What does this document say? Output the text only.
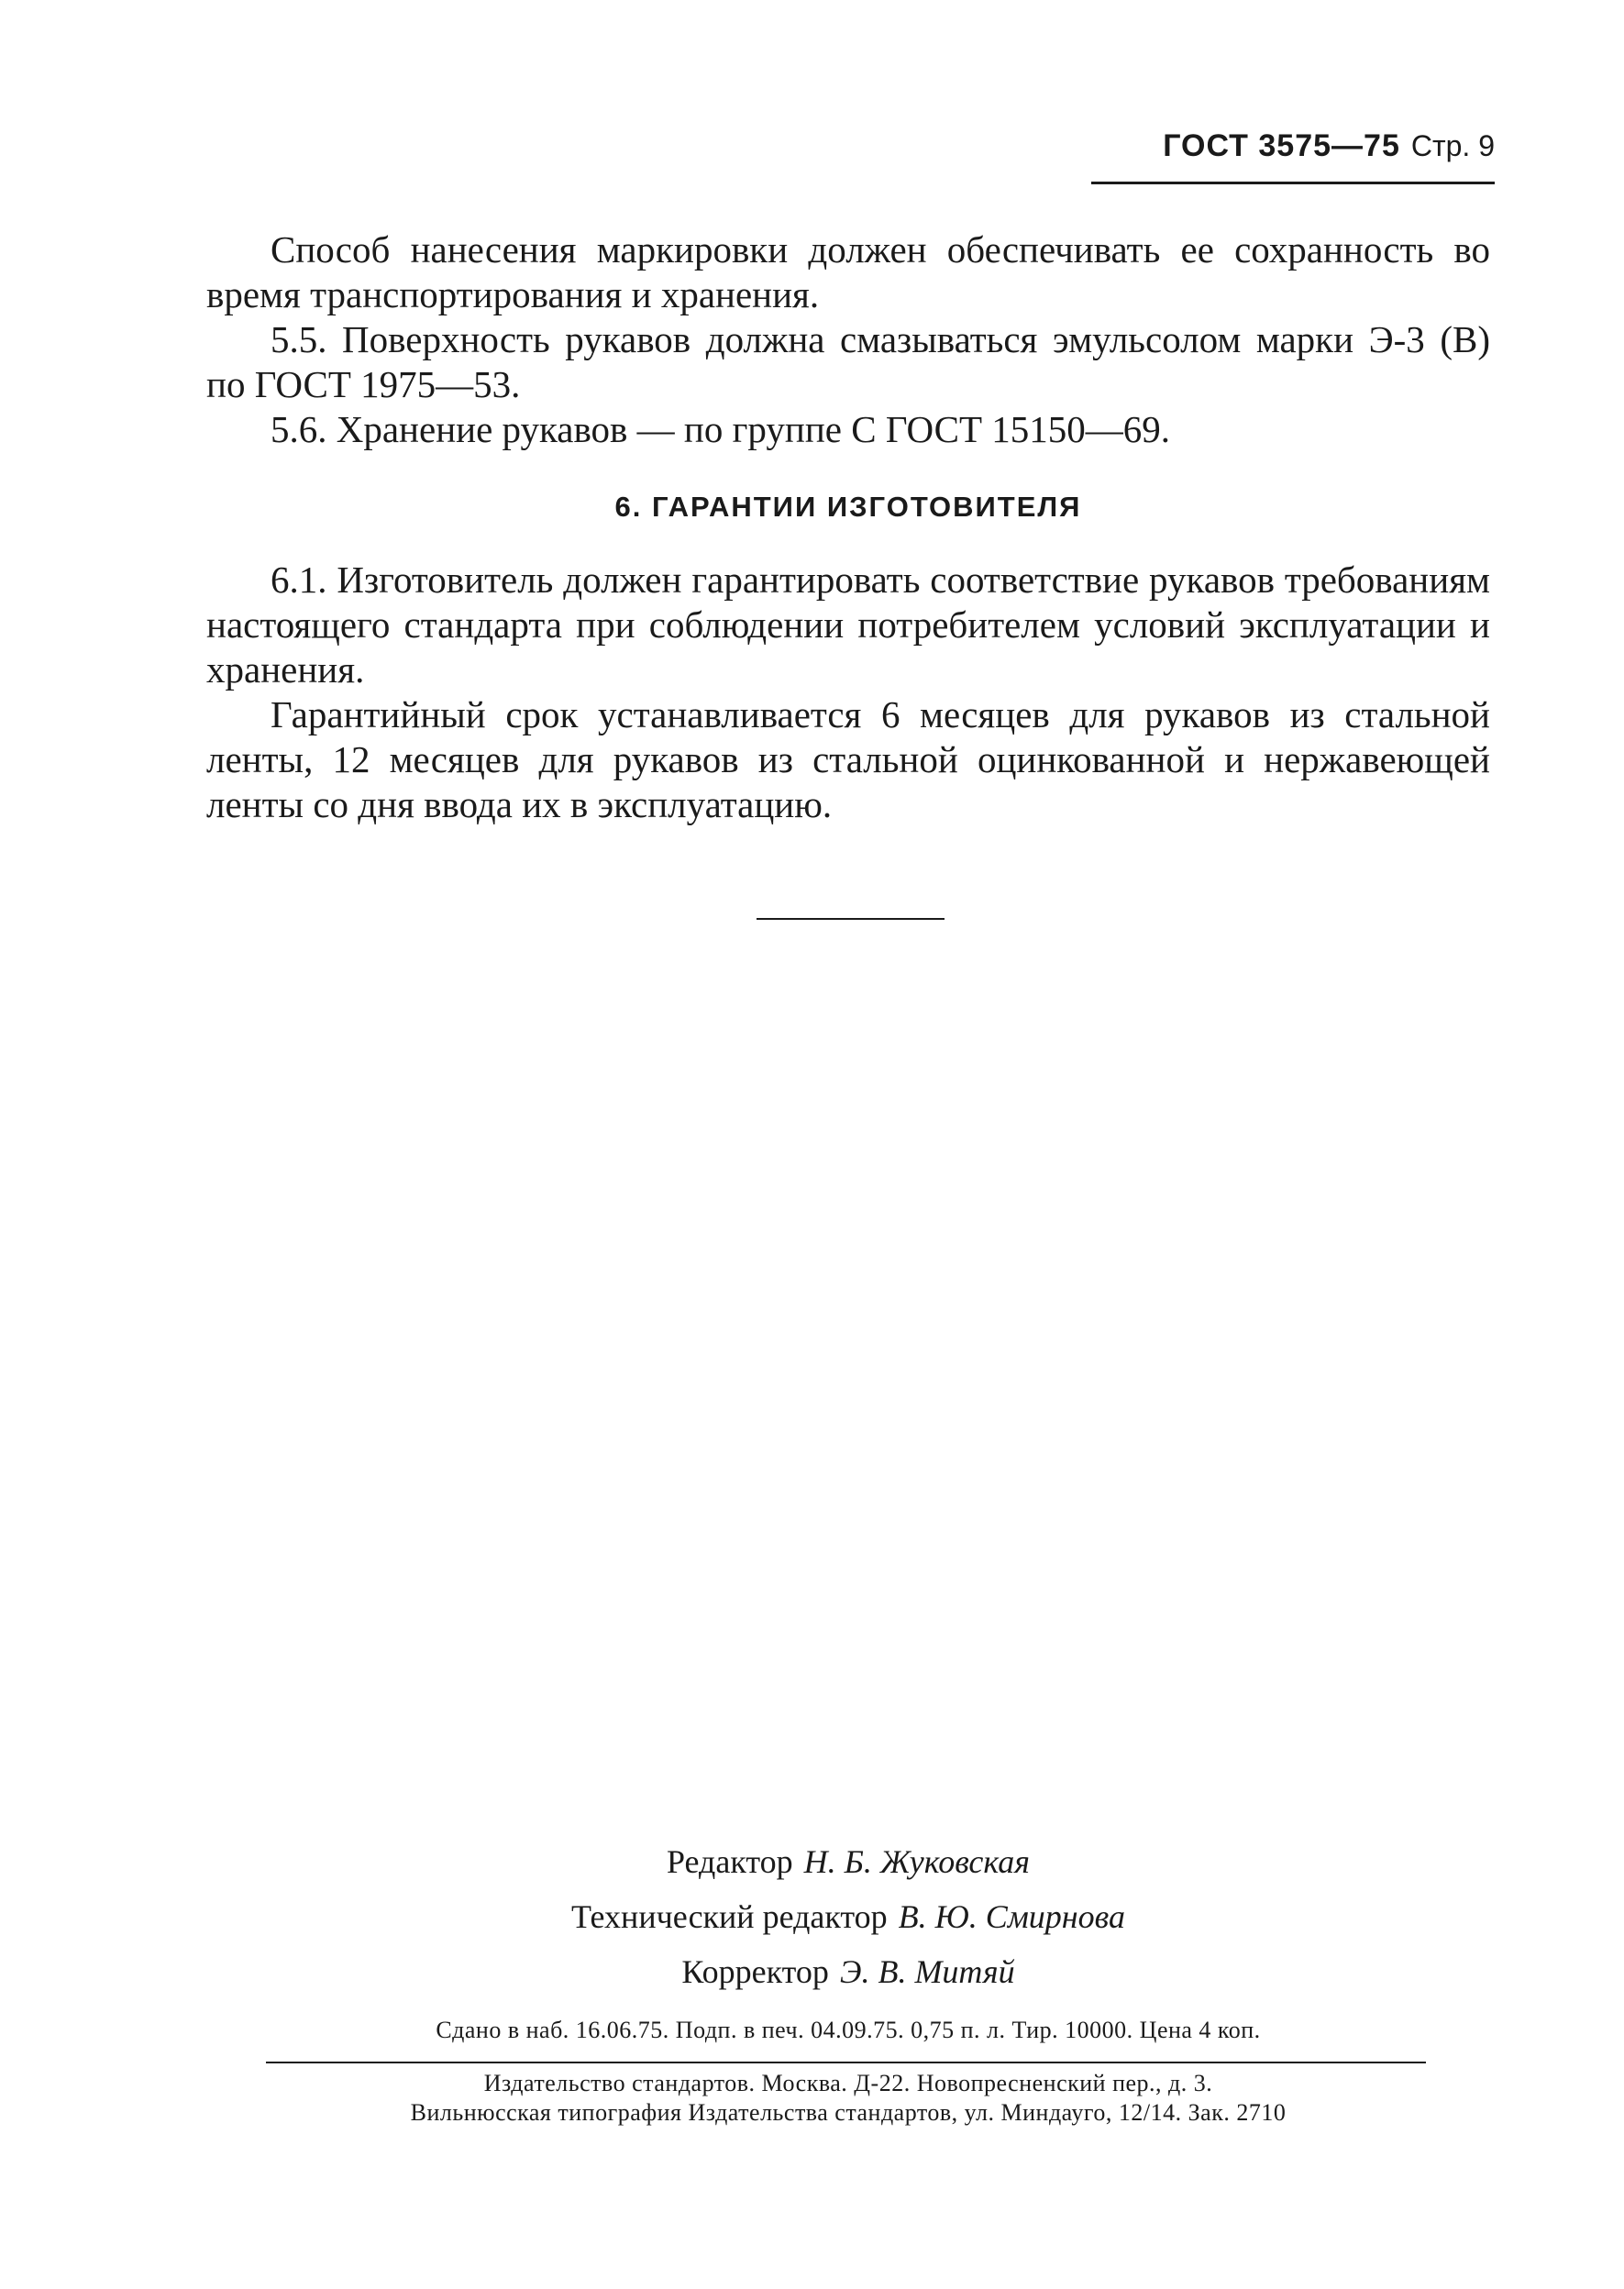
ГОСТ 3575—75 Стр. 9

Способ нанесения маркировки должен обеспечивать ее сохранность во время транспортирования и хранения.

5.5. Поверхность рукавов должна смазываться эмульсолом марки Э-3 (В) по ГОСТ 1975—53.

5.6. Хранение рукавов — по группе С ГОСТ 15150—69.

6. ГАРАНТИИ ИЗГОТОВИТЕЛЯ

6.1. Изготовитель должен гарантировать соответствие рукавов требованиям настоящего стандарта при соблюдении потребителем условий эксплуатации и хранения.

Гарантийный срок устанавливается 6 месяцев для рукавов из стальной ленты, 12 месяцев для рукавов из стальной оцинкованной и нержавеющей ленты со дня ввода их в эксплуатацию.

Редактор Н. Б. Жуковская
Технический редактор В. Ю. Смирнова
Корректор Э. В. Митяй
Сдано в наб. 16.06.75. Подп. в печ. 04.09.75. 0,75 п. л. Тир. 10000. Цена 4 коп.
Издательство стандартов. Москва. Д-22. Новопресненский пер., д. 3.
Вильнюсская типография Издательства стандартов, ул. Миндауго, 12/14. Зак. 2710
